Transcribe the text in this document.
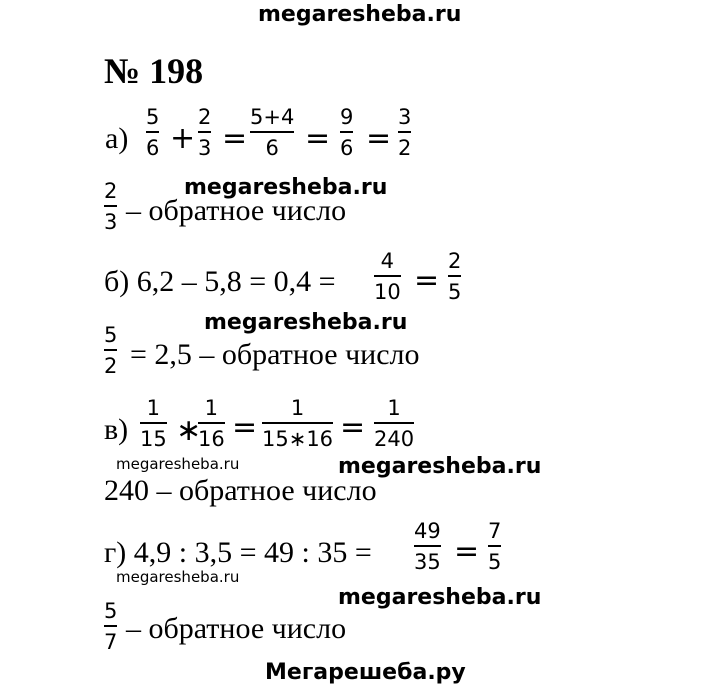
megaresheba.ru
megaresheba.ru
megaresheba.ru
megaresheba.ru	megaresheba.ru
megaresheba.ru
megaresheba.ru
Мегарешеба.ру
№ 198
а)
5
6 +
2
3 =
5+4
6 =
9
6 =
3
2
2
3 – обратное число
б) 6,2 – 5,8 = 0,4 =
4
10 =
2
5
5
2 = 2,5 – обратное число
в)
1
15 ∗
1
16 =
1
15∗16 =
1
240
240 – обратное число
г) 4,9 : 3,5 = 49 : 35 =
49
35 =
7
5
5
7 – обратное число
